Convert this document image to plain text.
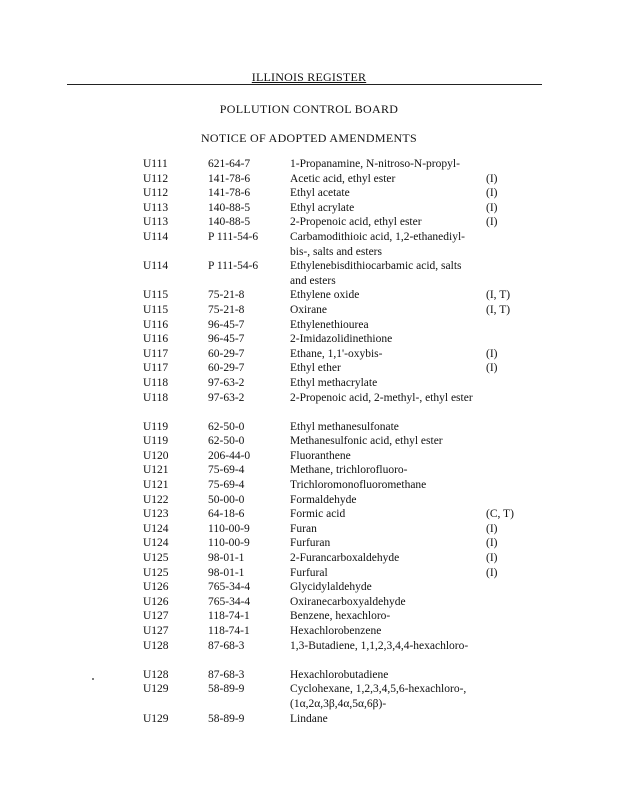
ILLINOIS REGISTER
POLLUTION CONTROL BOARD
NOTICE OF ADOPTED AMENDMENTS
U111	621-64-7	1-Propanamine, N-nitroso-N-propyl-
U112	141-78-6	Acetic acid, ethyl ester	(I)
U112	141-78-6	Ethyl acetate	(I)
U113	140-88-5	Ethyl acrylate	(I)
U113	140-88-5	2-Propenoic acid, ethyl ester	(I)
U114	P 111-54-6	Carbamodithioic acid, 1,2-ethanediyl-bis-, salts and esters
U114	P 111-54-6	Ethylenebisdithiocarbamic acid, salts and esters
U115	75-21-8	Ethylene oxide	(I, T)
U115	75-21-8	Oxirane	(I, T)
U116	96-45-7	Ethylenethiourea
U116	96-45-7	2-Imidazolidinethione
U117	60-29-7	Ethane, 1,1'-oxybis-	(I)
U117	60-29-7	Ethyl ether	(I)
U118	97-63-2	Ethyl methacrylate
U118	97-63-2	2-Propenoic acid, 2-methyl-, ethyl ester
U119	62-50-0	Ethyl methanesulfonate
U119	62-50-0	Methanesulfonic acid, ethyl ester
U120	206-44-0	Fluoranthene
U121	75-69-4	Methane, trichlorofluoro-
U121	75-69-4	Trichloromonofluoromethane
U122	50-00-0	Formaldehyde
U123	64-18-6	Formic acid	(C, T)
U124	110-00-9	Furan	(I)
U124	110-00-9	Furfuran	(I)
U125	98-01-1	2-Furancarboxaldehyde	(I)
U125	98-01-1	Furfural	(I)
U126	765-34-4	Glycidylaldehyde
U126	765-34-4	Oxiranecarboxyaldehyde
U127	118-74-1	Benzene, hexachloro-
U127	118-74-1	Hexachlorobenzene
U128	87-68-3	1,3-Butadiene, 1,1,2,3,4,4-hexachloro-
U128	87-68-3	Hexachlorobutadiene
U129	58-89-9	Cyclohexane, 1,2,3,4,5,6-hexachloro-, (1α,2α,3β,4α,5α,6β)-
U129	58-89-9	Lindane
